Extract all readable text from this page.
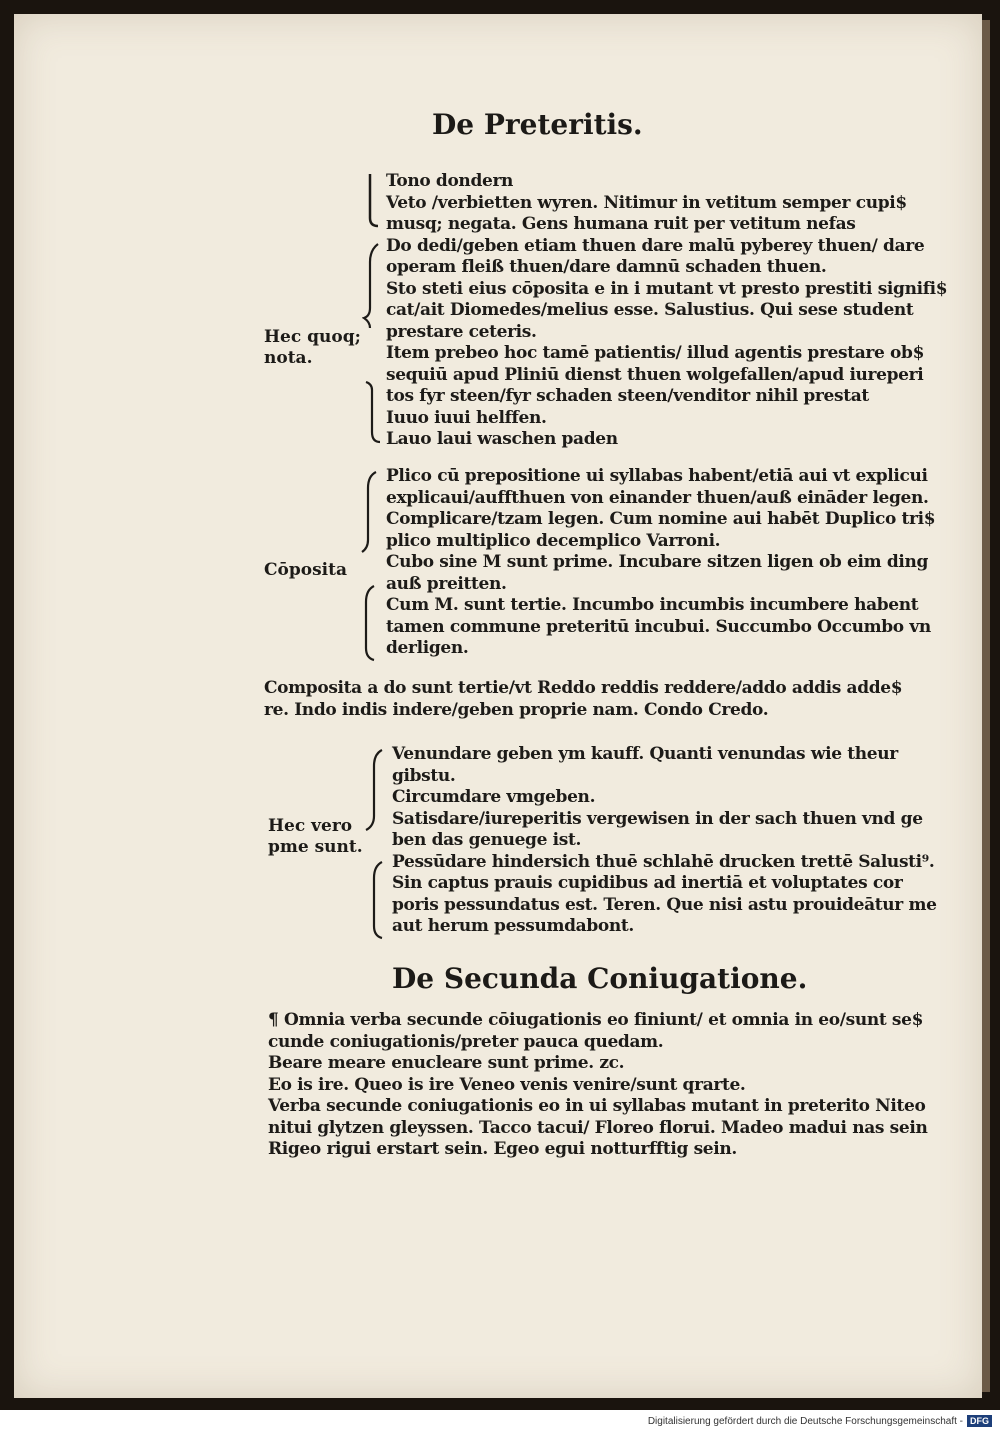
De Preteritis.
Tono dondern
Veto /verbietten wyren. Nitimur in vetitum semper cupi$
musq; negata. Gens humana ruit per vetitum nefas
Do dedi/geben etiam thuen dare malū pyberey thuen/ dare
operam fleiß thuen/dare damnū schaden thuen.
Sto steti eius cōposita e in i mutant vt presto prestiti signifi$
cat/ait Diomedes/melius esse. Salustius. Qui sese student
prestare ceteris.
Item prebeo hoc tamē patientis/ illud agentis prestare ob$
sequiū apud Pliniū dienst thuen wolgefallen/apud iureperi
tos fyr steen/fyr schaden steen/venditor nihil prestat
Iuuo iuui helffen.
Lauo laui waschen paden
Hec quoq;
nota.
Plico cū prepositione ui syllabas habent/etiā aui vt explicui
explicaui/auffthuen von einander thuen/auß eināder legen.
Complicare/tzam legen. Cum nomine aui habēt Duplico tri$
plico multiplico decemplico Varroni.
Cubo sine M sunt prime. Incubare sitzen ligen ob eim ding
auß preitten.
Cum M. sunt tertie. Incumbo incumbis incumbere habent
tamen commune preteritū incubui. Succumbo Occumbo vn
derligen.
Cōposita
Composita a do sunt tertie/vt Reddo reddis reddere/addo addis adde$
re. Indo indis indere/geben proprie nam. Condo Credo.
Venundare geben ym kauff. Quanti venundas wie theur
gibstu.
Circumdare vmgeben.
Satisdare/iureperitis vergewisen in der sach thuen vnd ge
ben das genuege ist.
Pessūdare hindersich thuē schlahē drucken trettē Salusti⁹.
Sin captus prauis cupidibus ad inertiā et voluptates cor
poris pessundatus est. Teren. Que nisi astu prouideātur me
aut herum pessumdabont.
Hec vero
pme sunt.
De Secunda Coniugatione.
¶ Omnia verba secunde cōiugationis eo finiunt/ et omnia in eo/sunt se$
cunde coniugationis/preter pauca quedam.
Beare meare enucleare sunt prime. zc.
Eo is ire. Queo is ire Veneo venis venire/sunt qrarte.
Verba secunde coniugationis eo in ui syllabas mutant in preterito Niteo
nitui glytzen gleyssen. Tacco tacui/ Floreo florui. Madeo madui nas sein
Rigeo rigui erstart sein. Egeo egui notturfftig sein.
Digitalisierung gefördert durch die Deutsche Forschungsgemeinschaft - DFG
